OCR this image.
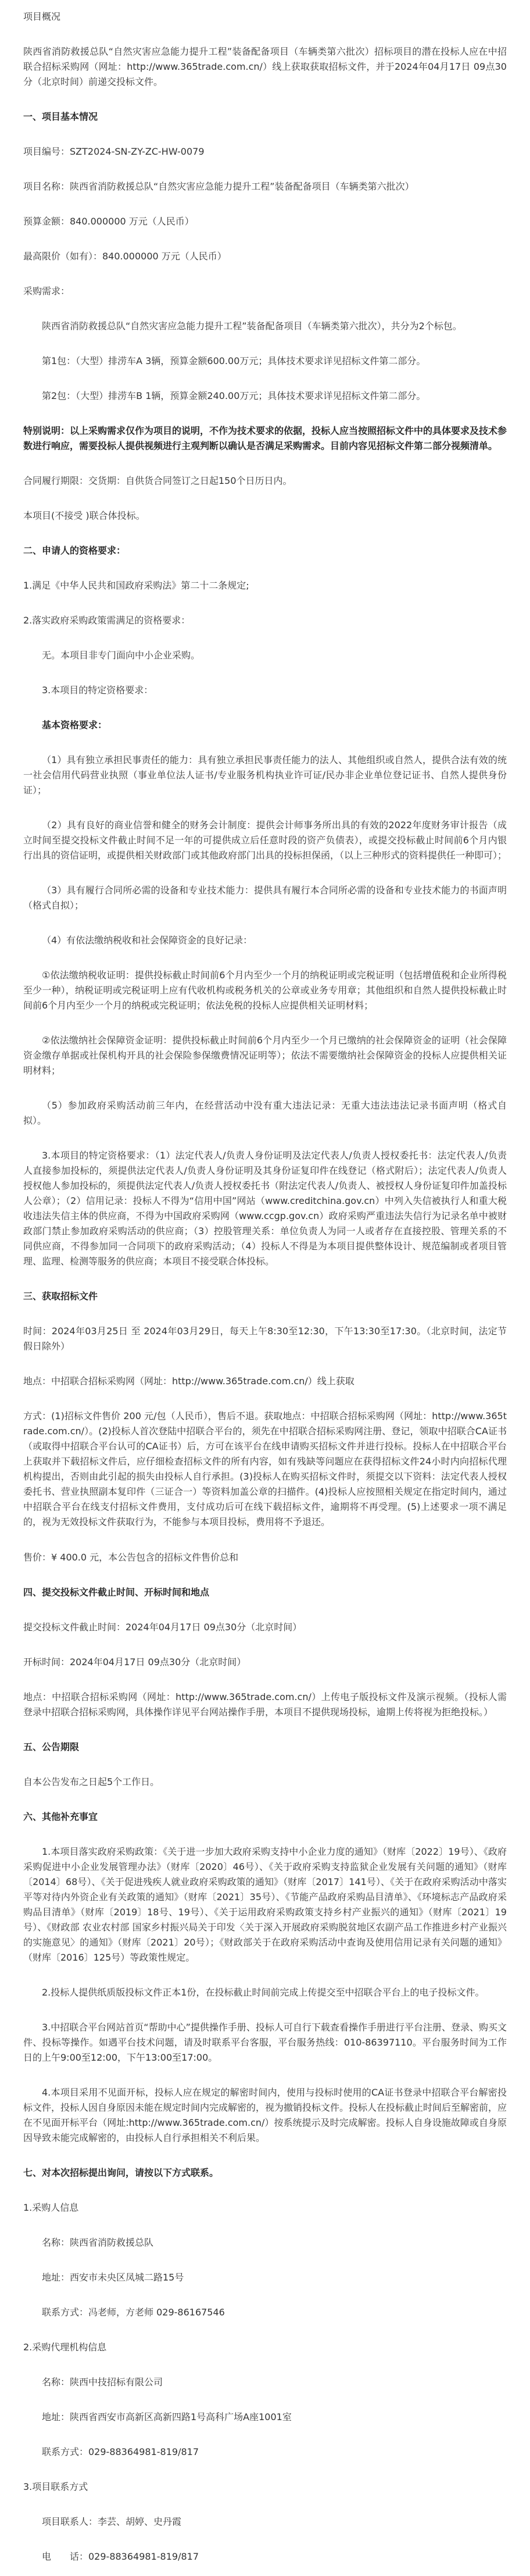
项目概况

陕西省消防救援总队“自然灾害应急能力提升工程”装备配备项目（车辆类第六批次）招标项目的潜在投标人应在中招联合招标采购网（网址：http://www.365trade.com.cn/）线上获取获取招标文件，并于2024年04月17日 09点30分（北京时间）前递交投标文件。

一、项目基本情况

项目编号：SZT2024-SN-ZY-ZC-HW-0079

项目名称：陕西省消防救援总队“自然灾害应急能力提升工程”装备配备项目（车辆类第六批次）

预算金额：840.000000 万元（人民币）

最高限价（如有）：840.000000 万元（人民币）

采购需求：

陕西省消防救援总队“自然灾害应急能力提升工程”装备配备项目（车辆类第六批次），共分为2个标包。

第1包：（大型）排涝车A 3辆，预算金额600.00万元；具体技术要求详见招标文件第二部分。

第2包：（大型）排涝车B 1辆，预算金额240.00万元；具体技术要求详见招标文件第二部分。

特别说明：以上采购需求仅作为项目的说明，不作为技术要求的依据，投标人应当按照招标文件中的具体要求及技术参数进行响应，需要投标人提供视频进行主观判断以确认是否满足采购需求。目前内容见招标文件第二部分视频清单。

合同履行期限：交货期：自供货合同签订之日起150个日历日内。

本项目(不接受 )联合体投标。

二、申请人的资格要求：

1.满足《中华人民共和国政府采购法》第二十二条规定;

2.落实政府采购政策需满足的资格要求：

无。本项目非专门面向中小企业采购。

3.本项目的特定资格要求：

基本资格要求：

（1）具有独立承担民事责任的能力：具有独立承担民事责任能力的法人、其他组织或自然人，提供合法有效的统一社会信用代码营业执照（事业单位法人证书/专业服务机构执业许可证/民办非企业单位登记证书、自然人提供身份证）；

（2）具有良好的商业信誉和健全的财务会计制度：提供会计师事务所出具的有效的2022年度财务审计报告（成立时间至提交投标文件截止时间不足一年的可提供成立后任意时段的资产负债表），或提交投标截止时间前6个月内银行出具的资信证明，或提供相关财政部门或其他政府部门出具的投标担保函，（以上三种形式的资料提供任一种即可）；

（3）具有履行合同所必需的设备和专业技术能力：提供具有履行本合同所必需的设备和专业技术能力的书面声明（格式自拟）；

（4）有依法缴纳税收和社会保障资金的良好记录：

①依法缴纳税收证明：提供投标截止时间前6个月内至少一个月的纳税证明或完税证明（包括增值税和企业所得税至少一种），纳税证明或完税证明上应有代收机构或税务机关的公章或业务专用章；其他组织和自然人提供投标截止时间前6个月内至少一个月的纳税或完税证明；依法免税的投标人应提供相关证明材料；

②依法缴纳社会保障资金证明：提供投标截止时间前6个月内至少一个月已缴纳的社会保障资金的证明（社会保障资金缴存单据或社保机构开具的社会保险参保缴费情况证明等）；依法不需要缴纳社会保障资金的投标人应提供相关证明材料；

（5）参加政府采购活动前三年内，在经营活动中没有重大违法记录：无重大违法违法记录书面声明（格式自拟）。

3.本项目的特定资格要求：（1）法定代表人/负责人身份证明及法定代表人/负责人授权委托书：法定代表人/负责人直接参加投标的，须提供法定代表人/负责人身份证明及其身份证复印件在线登记（格式附后）；法定代表人/负责人授权他人参加投标的，须提供法定代表人/负责人授权委托书（附法定代表人/负责人、被授权人身份证复印件加盖投标人公章）；（2）信用记录：投标人不得为“信用中国”网站（www.creditchina.gov.cn）中列入失信被执行人和重大税收违法失信主体的供应商，不得为中国政府采购网（www.ccgp.gov.cn）政府采购严重违法失信行为记录名单中被财政部门禁止参加政府采购活动的供应商；（3）控股管理关系：单位负责人为同一人或者存在直接控股、管理关系的不同供应商，不得参加同一合同项下的政府采购活动；（4）投标人不得是为本项目提供整体设计、规范编制或者项目管理、监理、检测等服务的供应商；本项目不接受联合体投标。

三、获取招标文件

时间：2024年03月25日 至 2024年03月29日，每天上午8:30至12:30，下午13:30至17:30。（北京时间，法定节假日除外）

地点：中招联合招标采购网（网址：http://www.365trade.com.cn/）线上获取

方式：(1)招标文件售价 200 元/包（人民币），售后不退。获取地点：中招联合招标采购网（网址：http://www.365trade.com.cn/）。(2)投标人首次登陆中招联合平台的，须先在中招联合招标采购网注册、登记，领取中招联合CA证书（或取得中招联合平台认可的CA证书）后，方可在该平台在线申请购买招标文件并进行投标。投标人在中招联合平台上获取并下载招标文件后，应仔细检查招标文件的所有内容，如有残缺等问题应在获得招标文件24小时内向招标代理机构提出，否则由此引起的损失由投标人自行承担。(3)投标人在购买招标文件时，须提交以下资料：法定代表人授权委托书、营业执照副本复印件（三证合一）等资料加盖公章的扫描件。(4)投标人应按照相关规定在指定时间内，通过中招联合平台在线支付招标文件费用，支付成功后可在线下载招标文件，逾期将不再受理。(5)上述要求一项不满足的，视为无效投标文件获取行为，不能参与本项目投标，费用将不予退还。

售价：¥ 400.0 元，本公告包含的招标文件售价总和

四、提交投标文件截止时间、开标时间和地点

提交投标文件截止时间：2024年04月17日 09点30分（北京时间）

开标时间：2024年04月17日 09点30分（北京时间）

地点：中招联合招标采购网（网址：http://www.365trade.com.cn/）上传电子版投标文件及演示视频。（投标人需登录中招联合招标采购网，具体操作详见平台网站操作手册，本项目不提供现场投标，逾期上传将视为拒绝投标。）

五、公告期限

自本公告发布之日起5个工作日。

六、其他补充事宜

1.本项目落实政府采购政策：《关于进一步加大政府采购支持中小企业力度的通知》（财库〔2022〕19号）、《政府采购促进中小企业发展管理办法》（财库〔2020〕46号）、《关于政府采购支持监狱企业发展有关问题的通知》（财库〔2014〕68号）、《关于促进残疾人就业政府采购政策的通知》（财库〔2017〕141号）、《关于在政府采购活动中落实平等对待内外资企业有关政策的通知》（财库〔2021〕35号）、《节能产品政府采购品目清单》、《环境标志产品政府采购品目清单》（财库〔2019〕18号、19号）、《关于运用政府采购政策支持乡村产业振兴的通知》（财库〔2021〕19号）、《财政部 农业农村部 国家乡村振兴局关于印发〈关于深入开展政府采购脱贫地区农副产品工作推进乡村产业振兴的实施意见〉的通知》（财库〔2021〕20号）；《财政部关于在政府采购活动中查询及使用信用记录有关问题的通知》（财库〔2016〕125号）等政策性规定。

2.投标人提供纸质版投标文件正本1份，在投标截止时间前完成上传提交至中招联合平台上的电子投标文件。

3.中招联合平台网站首页“帮助中心”提供操作手册、投标人可自行下载查看操作手册进行平台注册、登录、购买文件、投标等操作。如遇平台技术问题，请及时联系平台客服，平台服务热线：010-86397110。平台服务时间为工作日的上午9:00至12:00，下午13:00至17:00。

4.本项目采用不见面开标，投标人应在规定的解密时间内，使用与投标时使用的CA证书登录中招联合平台解密投标文件，投标人因自身原因未能在规定时间内完成解密的，视为撤销投标文件。投标人在投标截止时间后至解密前，应在不见面开标平台（网址:http://www.365trade.com.cn/）按系统提示及时完成解密。投标人自身设施故障或自身原因导致未能完成解密的，由投标人自行承担相关不利后果。

七、对本次招标提出询问，请按以下方式联系。

1.采购人信息

名称：陕西省消防救援总队

地址：西安市未央区凤城二路15号

联系方式：冯老师，方老师 029-86167546

2.采购代理机构信息

名称：陕西中技招标有限公司

地址：陕西省西安市高新区高新四路1号高科广场A座1001室

联系方式：029-88364981-819/817

3.项目联系方式

项目联系人：李芸、胡婷、史丹霞

电　　话：029-88364981-819/817
